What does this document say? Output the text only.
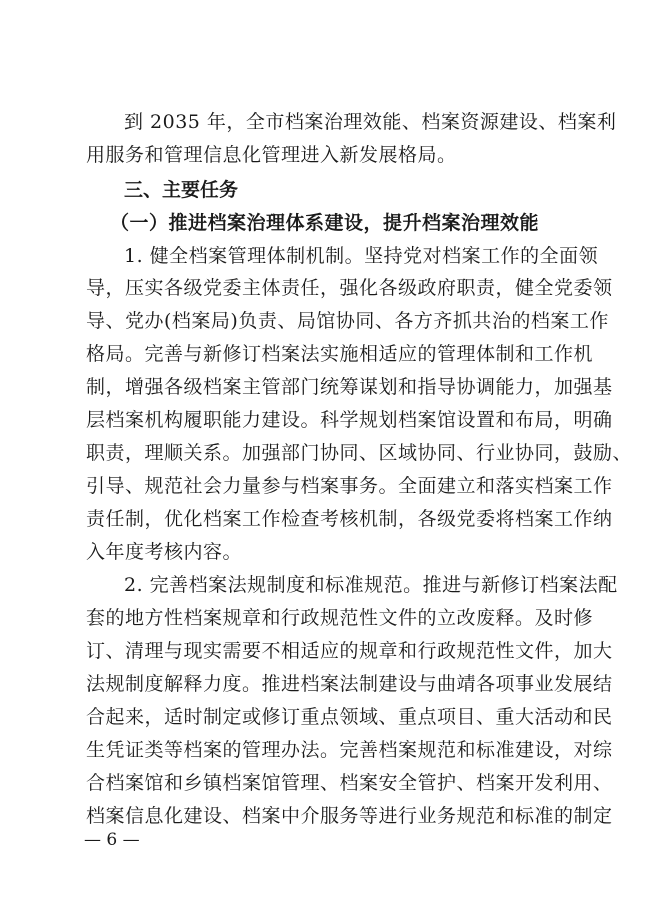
到 2035 年，全市档案治理效能、档案资源建设、档案利
用服务和管理信息化管理进入新发展格局。
三、主要任务
（一）推进档案治理体系建设，提升档案治理效能
1. 健全档案管理体制机制。坚持党对档案工作的全面领
导，压实各级党委主体责任，强化各级政府职责，健全党委领
导、党办(档案局)负责、局馆协同、各方齐抓共治的档案工作
格局。完善与新修订档案法实施相适应的管理体制和工作机
制，增强各级档案主管部门统筹谋划和指导协调能力，加强基
层档案机构履职能力建设。科学规划档案馆设置和布局，明确
职责，理顺关系。加强部门协同、区域协同、行业协同，鼓励、
引导、规范社会力量参与档案事务。全面建立和落实档案工作
责任制，优化档案工作检查考核机制，各级党委将档案工作纳
入年度考核内容。
2. 完善档案法规制度和标准规范。推进与新修订档案法配
套的地方性档案规章和行政规范性文件的立改废释。及时修
订、清理与现实需要不相适应的规章和行政规范性文件，加大
法规制度解释力度。推进档案法制建设与曲靖各项事业发展结
合起来，适时制定或修订重点领域、重点项目、重大活动和民
生凭证类等档案的管理办法。完善档案规范和标准建设，对综
合档案馆和乡镇档案馆管理、档案安全管护、档案开发利用、
档案信息化建设、档案中介服务等进行业务规范和标准的制定
— 6 —
